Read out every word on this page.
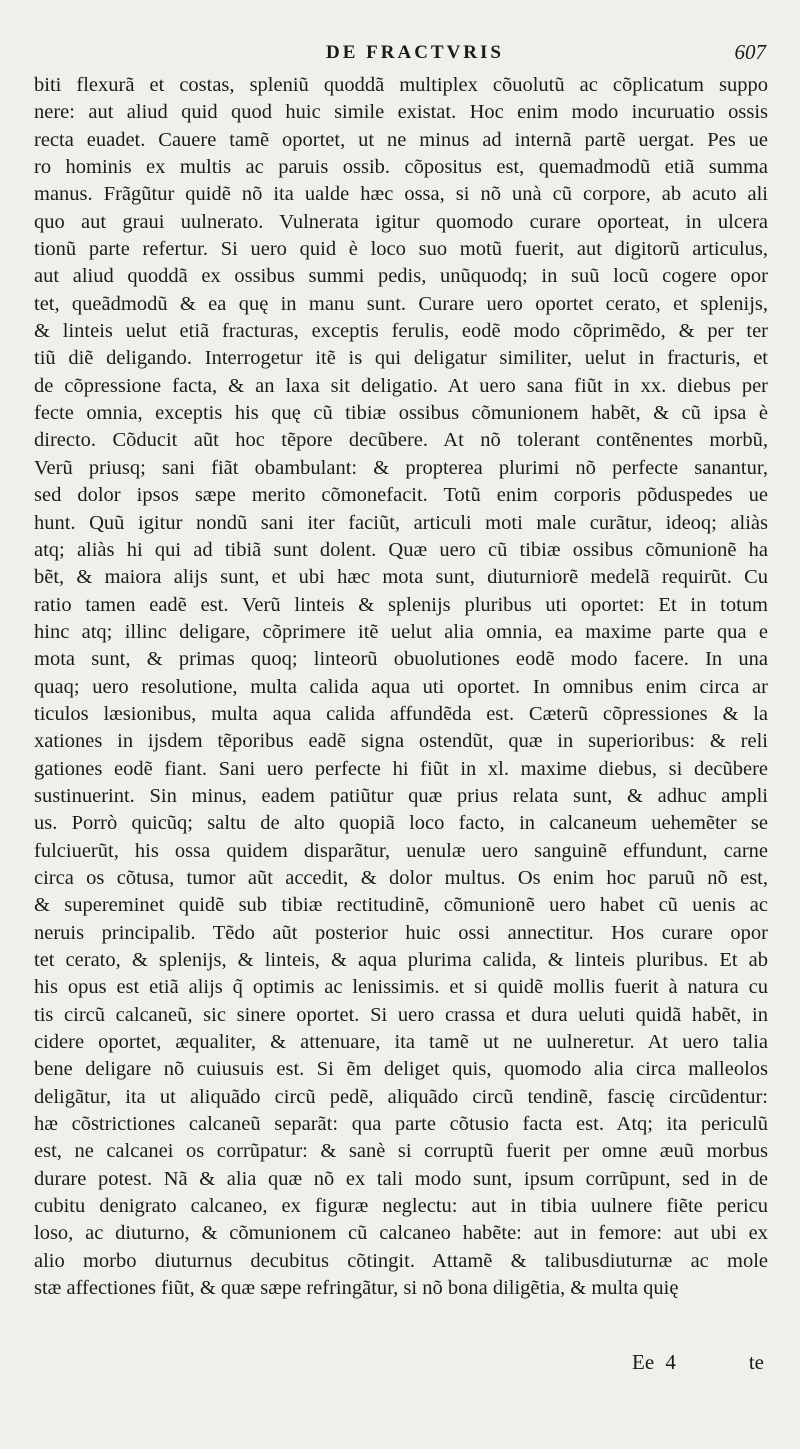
DE FRACTVRIS	607
biti flexurã et costas, spleniũ quoddã multiplex cõuolutũ ac cõplicatum suppo
nere: aut aliud quid quod huic simile existat. Hoc enim modo incuruatio ossis
recta euadet. Cauere tamẽ oportet, ut ne minus ad internã partẽ uergat. Pes ue
ro hominis ex multis ac paruis ossib. cõpositus est, quemadmodũ etiã summa
manus. Frãgũtur quidẽ nõ ita ualde hæc ossa, si nõ unà cũ corpore, ab acuto ali
quo aut graui uulnerato. Vulnerata igitur quomodo curare oporteat, in ulcera
tionũ parte refertur. Si uero quid è loco suo motũ fuerit, aut digitorũ articulus,
aut aliud quoddã ex ossibus summi pedis, unũquodq; in suũ locũ cogere opor
tet, queãdmodũ & ea quę in manu sunt. Curare uero oportet cerato, et splenijs,
& linteis uelut etiã fracturas, exceptis ferulis, eodẽ modo cõprimẽdo, & per ter
tiũ diẽ deligando. Interrogetur itẽ is qui deligatur similiter, uelut in fracturis, et
de cõpressione facta, & an laxa sit deligatio. At uero sana fiũt in xx. diebus per
fecte omnia, exceptis his quę cũ tibiæ ossibus cõmunionem habẽt, & cũ ipsa è
directo. Cõducit aũt hoc tẽpore decũbere. At nõ tolerant contẽnentes morbũ,
Verũ priusq; sani fiãt obambulant: & propterea plurimi nõ perfecte sanantur,
sed dolor ipsos sæpe merito cõmonefacit. Totũ enim corporis põduspedes ue
hunt. Quũ igitur nondũ sani iter faciũt, articuli moti male curãtur, ideoq; aliàs
atq; aliàs hi qui ad tibiã sunt dolent. Quæ uero cũ tibiæ ossibus cõmunionẽ ha
bẽt, & maiora alijs sunt, et ubi hæc mota sunt, diuturniorẽ medelã requirũt. Cu
ratio tamen eadẽ est. Verũ linteis & splenijs pluribus uti oportet: Et in totum
hinc atq; illinc deligare, cõprimere itẽ uelut alia omnia, ea maxime parte qua e
mota sunt, & primas quoq; linteorũ obuolutiones eodẽ modo facere. In una
quaq; uero resolutione, multa calida aqua uti oportet. In omnibus enim circa ar
ticulos læsionibus, multa aqua calida affundẽda est. Cæterũ cõpressiones & la
xationes in ijsdem tẽporibus eadẽ signa ostendũt, quæ in superioribus: & reli
gationes eodẽ fiant. Sani uero perfecte hi fiũt in xl. maxime diebus, si decũbere
sustinuerint. Sin minus, eadem patiũtur quæ prius relata sunt, & adhuc ampli
us. Porrò quicũq; saltu de alto quopiã loco facto, in calcaneum uehemẽter se
fulciuerũt, his ossa quidem disparãtur, uenulæ uero sanguinẽ effundunt, carne
circa os cõtusa, tumor aũt accedit, & dolor multus. Os enim hoc paruũ nõ est,
& supereminet quidẽ sub tibiæ rectitudinẽ, cõmunionẽ uero habet cũ uenis ac
neruis principalib. Tẽdo aũt posterior huic ossi annectitur. Hos curare opor
tet cerato, & splenijs, & linteis, & aqua plurima calida, & linteis pluribus. Et ab
his opus est etiã alijs q̃ optimis ac lenissimis. et si quidẽ mollis fuerit à natura cu
tis circũ calcaneũ, sic sinere oportet. Si uero crassa et dura ueluti quidã habẽt, in
cidere oportet, æqualiter, & attenuare, ita tamẽ ut ne uulneretur. At uero talia
bene deligare nõ cuiusuis est. Si ẽm deliget quis, quomodo alia circa malleolos
deligãtur, ita ut aliquãdo circũ pedẽ, aliquãdo circũ tendinẽ, fascię circũdentur:
hæ cõstrictiones calcaneũ separãt: qua parte cõtusio facta est. Atq; ita periculũ
est, ne calcanei os corrũpatur: & sanè si corruptũ fuerit per omne æuũ morbus
durare potest. Nã & alia quæ nõ ex tali modo sunt, ipsum corrũpunt, sed in de
cubitu denigrato calcaneo, ex figuræ neglectu: aut in tibia uulnere fiẽte pericu
loso, ac diuturno, & cõmunionem cũ calcaneo habẽte: aut in femore: aut ubi ex
alio morbo diuturnus decubitus cõtingit. Attamẽ & talibusdiuturnæ ac mole
stæ affectiones fiũt, & quæ sæpe refringãtur, si nõ bona diligẽtia, & multa quię
Ee 4	te
